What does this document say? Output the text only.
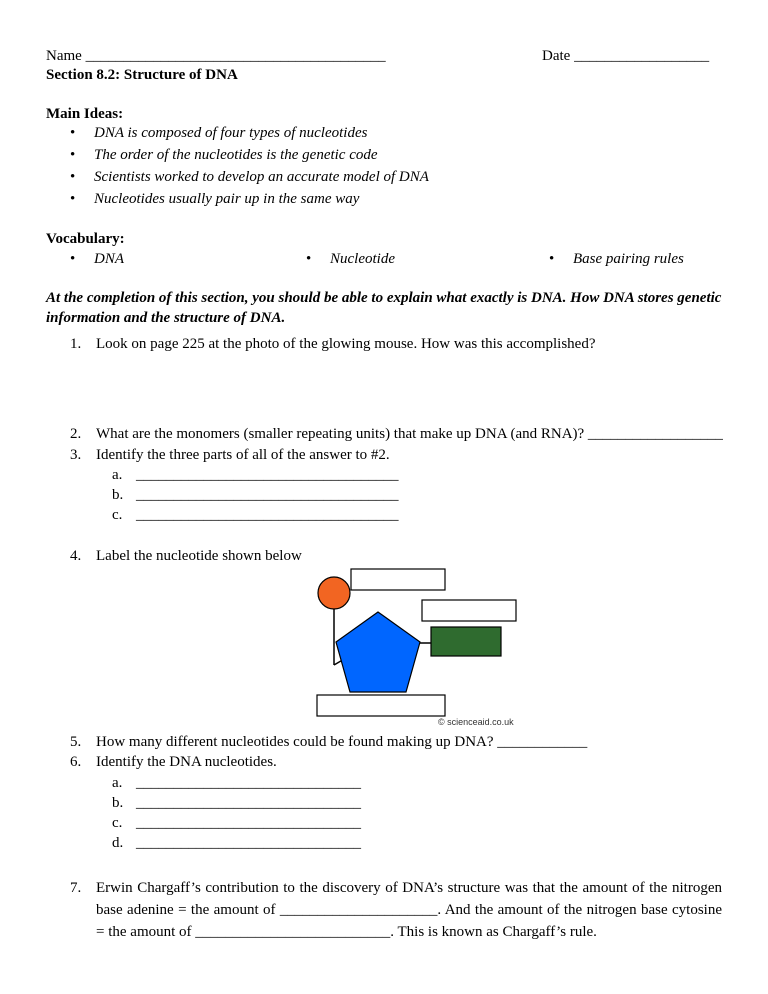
Name ________________________________________	Date __________________
Section 8.2: Structure of DNA
Main Ideas:
• DNA is composed of four types of nucleotides
• The order of the nucleotides is the genetic code
• Scientists worked to develop an accurate model of DNA
• Nucleotides usually pair up in the same way
Vocabulary:
• DNA	• Nucleotide	• Base pairing rules
At the completion of this section, you should be able to explain what exactly is DNA. How DNA stores genetic information and the structure of DNA.
1. Look on page 225 at the photo of the glowing mouse. How was this accomplished?
2. What are the monomers (smaller repeating units) that make up DNA (and RNA)? __________________
3. Identify the three parts of all of the answer to #2.
a. ___________________________________
b. ___________________________________
c. ___________________________________
4. Label the nucleotide shown below
© scienceaid.co.uk
5. How many different nucleotides could be found making up DNA? ____________
6. Identify the DNA nucleotides.
a. ______________________________
b. ______________________________
c. ______________________________
d. ______________________________
7. Erwin Chargaff’s contribution to the discovery of DNA’s structure was that the amount of the nitrogen base adenine = the amount of _____________________. And the amount of the nitrogen base cytosine = the amount of __________________________. This is known as Chargaff’s rule.
